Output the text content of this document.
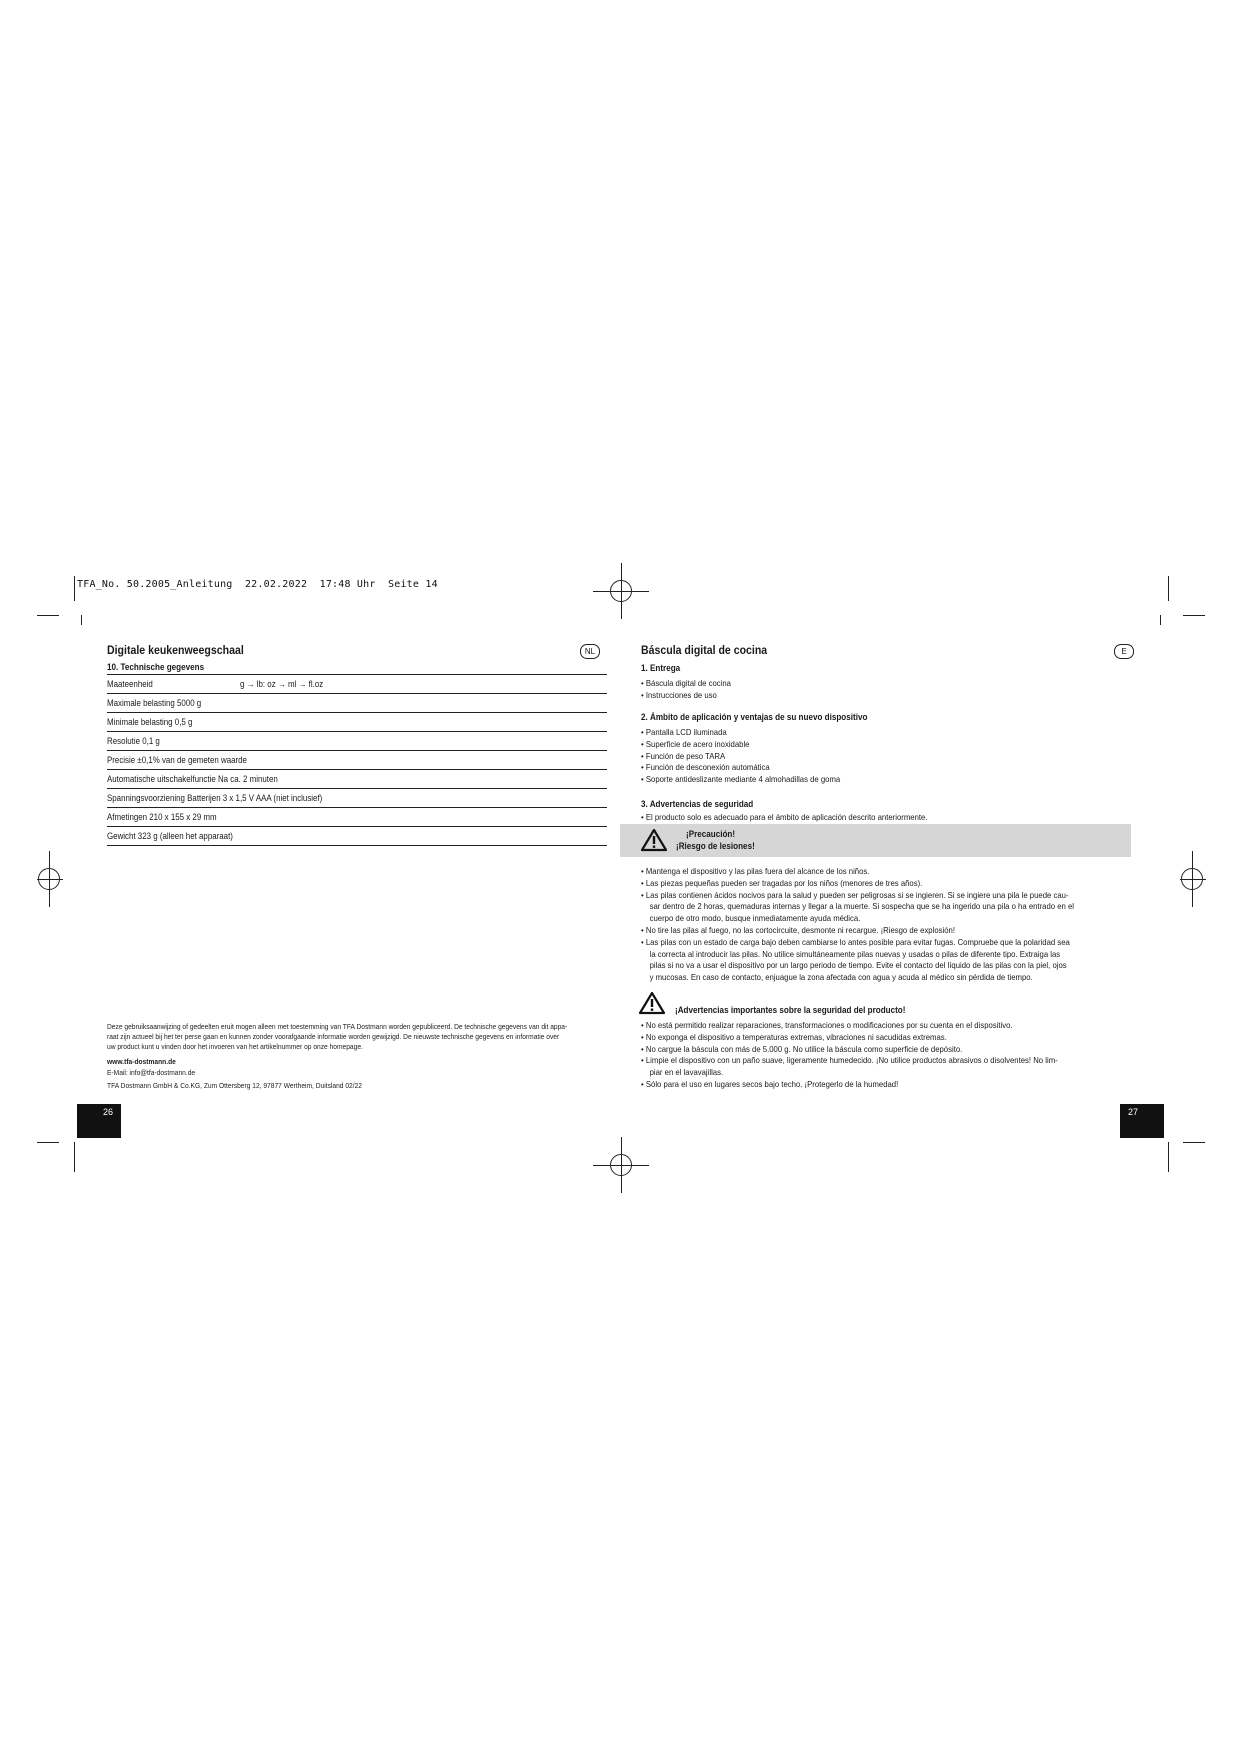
TFA_No. 50.2005_Anleitung  22.02.2022  17:48 Uhr  Seite 14
Digitale keukenweegschaal	NL
10. Technische gegevens
Maateenheid	g → lb: oz → ml → fl.oz
Maximale belasting 5000 g
Minimale belasting 0,5 g
Resolutie 0,1 g
Precisie ±0,1% van de gemeten waarde
Automatische uitschakelfunctie Na ca. 2 minuten
Spanningsvoorziening Batterijen 3 x 1,5 V AAA (niet inclusief)
Afmetingen 210 x 155 x 29 mm
Gewicht 323 g (alleen het apparaat)
Deze gebruiksaanwijzing of gedeelten eruit mogen alleen met toestemming van TFA Dostmann worden gepubliceerd. De technische gegevens van dit appa-
raat zijn actueel bij het ter perse gaan en kunnen zonder voorafgaande informatie worden gewijzigd. De nieuwste technische gegevens en informatie over
uw product kunt u vinden door het invoeren van het artikelnummer op onze homepage.
www.tfa-dostmann.de
E-Mail: info@tfa-dostmann.de
TFA Dostmann GmbH & Co.KG, Zum Ottersberg 12, 97877 Wertheim, Duitsland 02/22
26
Báscula digital de cocina	E
1. Entrega
• Báscula digital de cocina
• Instrucciones de uso
2. Ámbito de aplicación y ventajas de su nuevo dispositivo
• Pantalla LCD iluminada
• Superficie de acero inoxidable
• Función de peso TARA
• Función de desconexión automática
• Soporte antideslizante mediante 4 almohadillas de goma
3. Advertencias de seguridad
• El producto solo es adecuado para el ámbito de aplicación descrito anteriormente.
¡Precaución!
¡Riesgo de lesiones!
• Mantenga el dispositivo y las pilas fuera del alcance de los niños.
• Las piezas pequeñas pueden ser tragadas por los niños (menores de tres años).
• Las pilas contienen ácidos nocivos para la salud y pueden ser peligrosas si se ingieren. Si se ingiere una pila le puede cau-
sar dentro de 2 horas, quemaduras internas y llegar a la muerte. Si sospecha que se ha ingerido una pila o ha entrado en el
cuerpo de otro modo, busque inmediatamente ayuda médica.
• No tire las pilas al fuego, no las cortocircuite, desmonte ni recargue. ¡Riesgo de explosión!
• Las pilas con un estado de carga bajo deben cambiarse lo antes posible para evitar fugas. Compruebe que la polaridad sea
la correcta al introducir las pilas. No utilice simultáneamente pilas nuevas y usadas o pilas de diferente tipo. Extraiga las
pilas si no va a usar el dispositivo por un largo periodo de tiempo. Evite el contacto del líquido de las pilas con la piel, ojos
y mucosas. En caso de contacto, enjuague la zona afectada con agua y acuda al médico sin pérdida de tiempo.
¡Advertencias importantes sobre la seguridad del producto!
• No está permitido realizar reparaciones, transformaciones o modificaciones por su cuenta en el dispositivo.
• No exponga el dispositivo a temperaturas extremas, vibraciones ni sacudidas extremas.
• No cargue la báscula con más de 5.000 g. No utilice la báscula como superficie de depósito.
• Limpie el dispositivo con un paño suave, ligeramente humedecido. ¡No utilice productos abrasivos o disolventes! No lim-
piar en el lavavajillas.
• Sólo para el uso en lugares secos bajo techo. ¡Protegerlo de la humedad!
27
